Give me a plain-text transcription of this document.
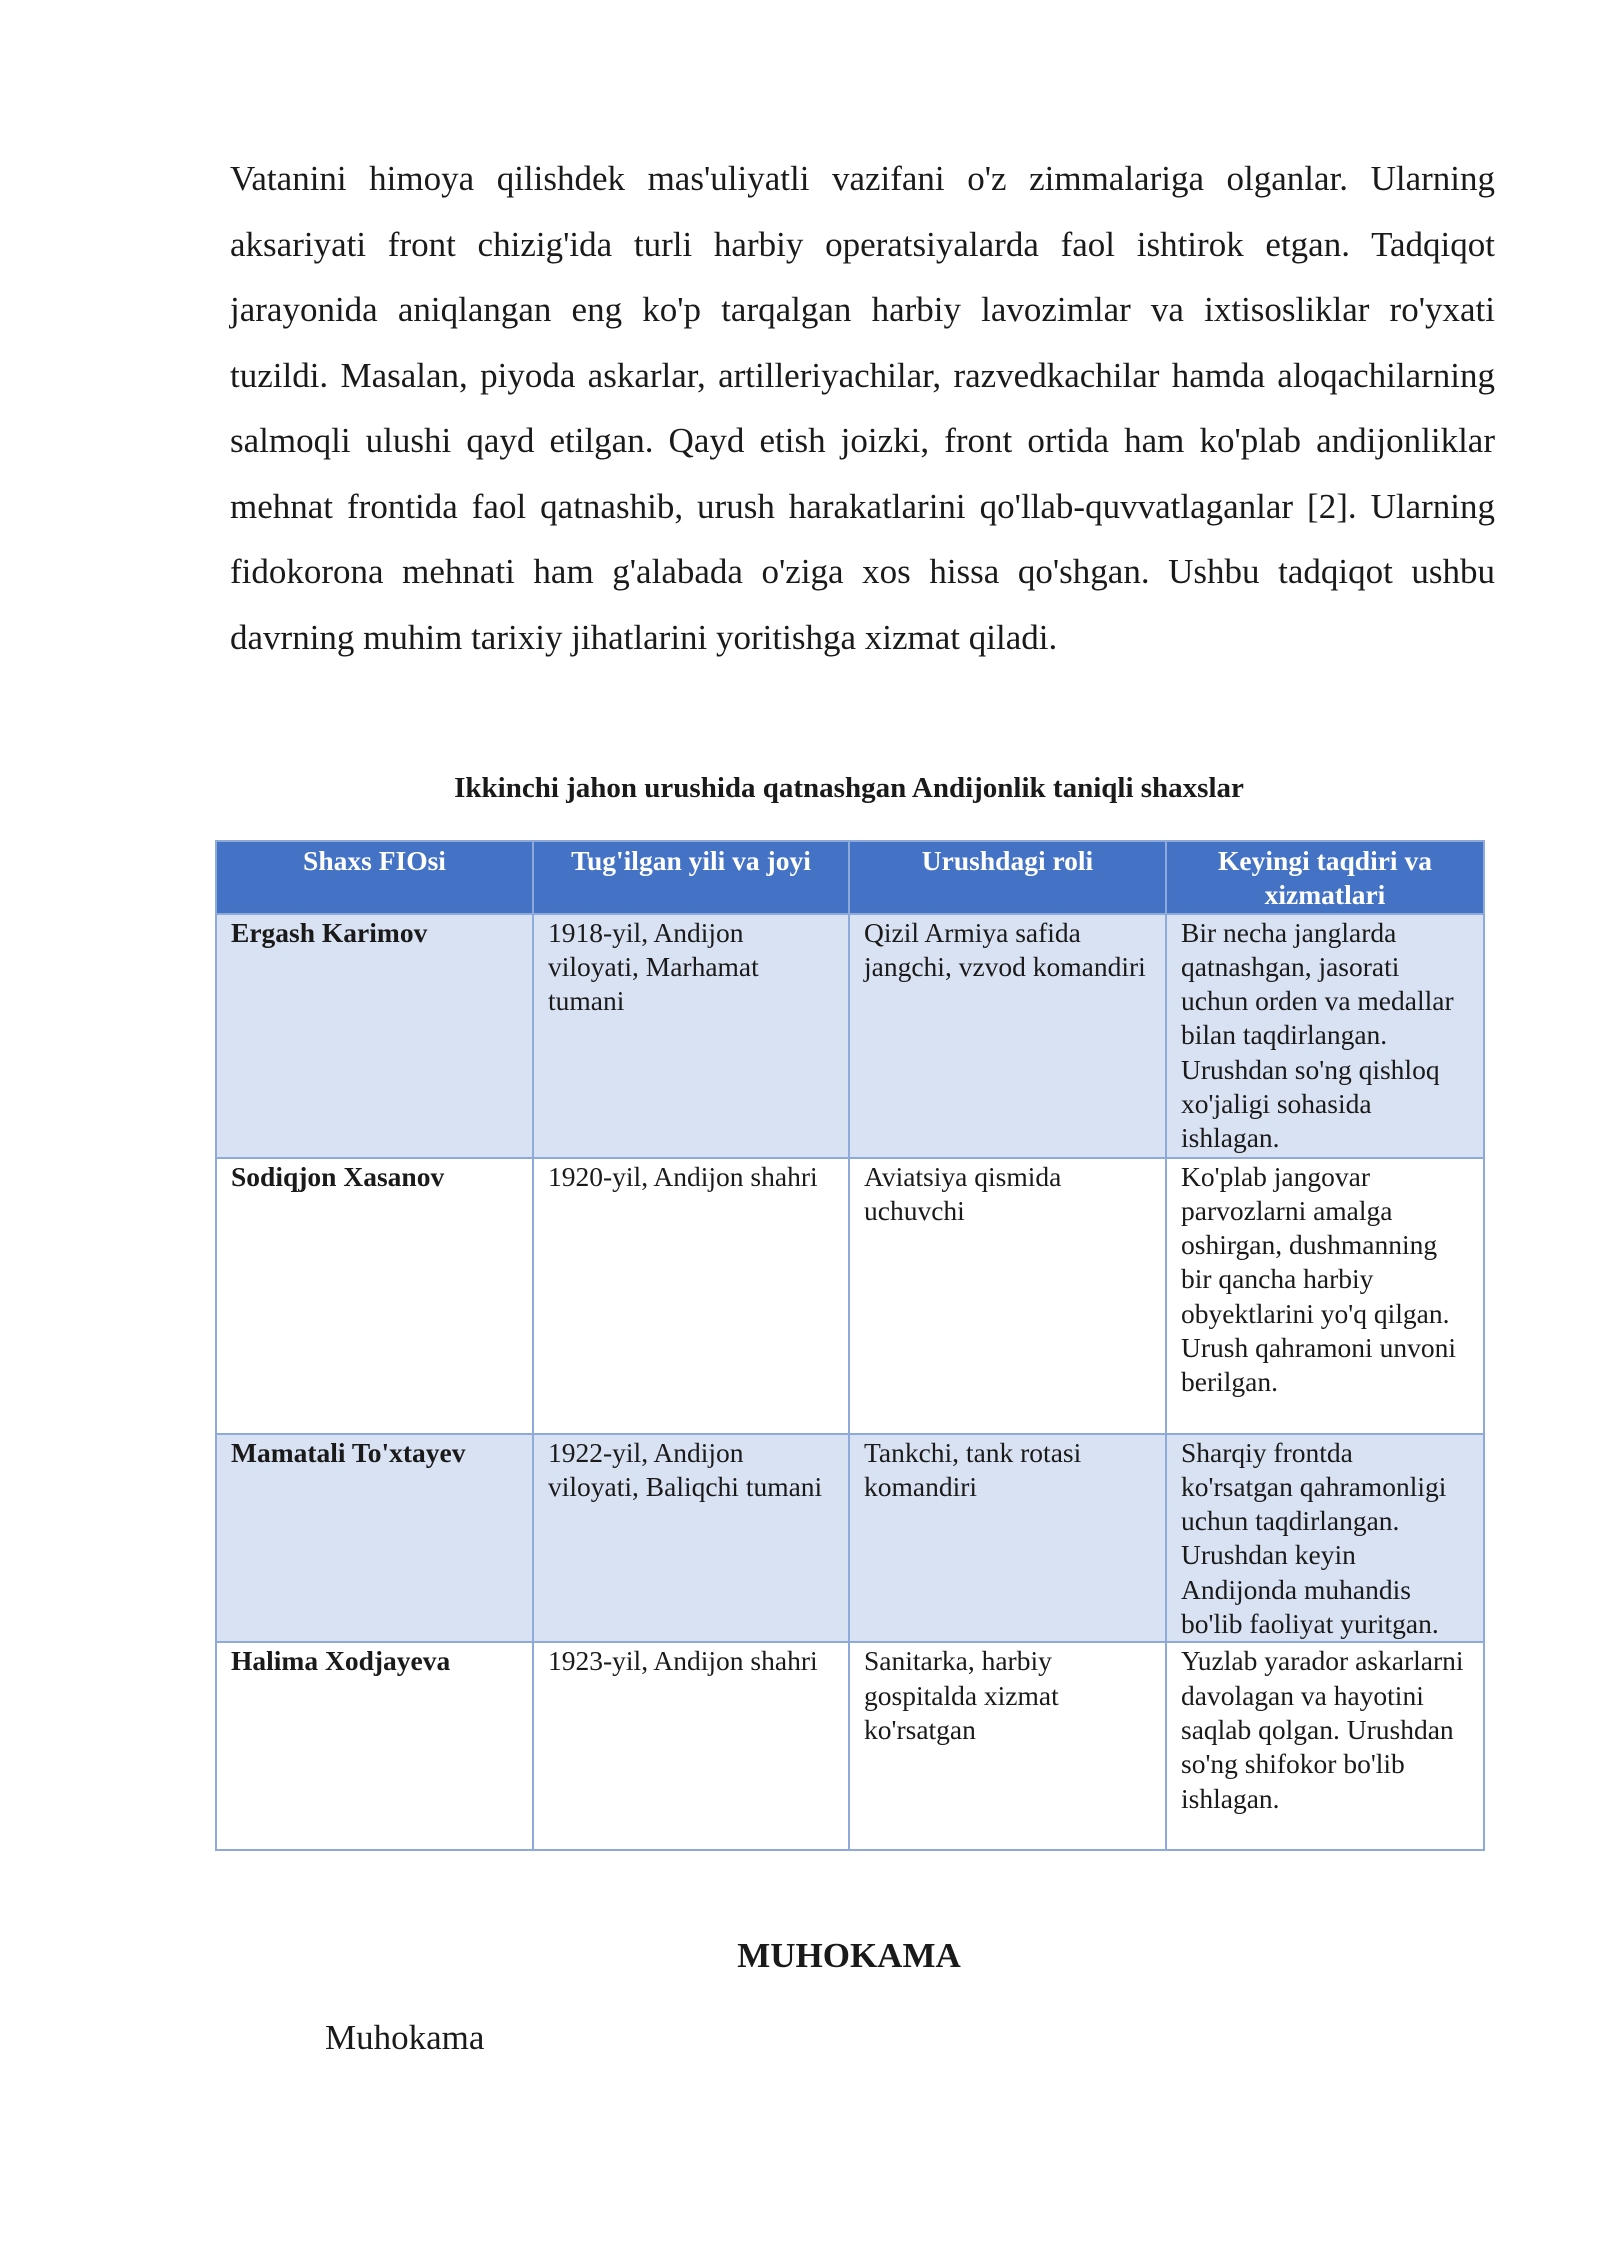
Vatanini himoya qilishdek mas'uliyatli vazifani o'z zimmalariga olganlar. Ularning aksariyati front chizig'ida turli harbiy operatsiyalarda faol ishtirok etgan. Tadqiqot jarayonida aniqlangan eng ko'p tarqalgan harbiy lavozimlar va ixtisosliklar ro'yxati tuzildi. Masalan, piyoda askarlar, artilleriyachilar, razvedkachilar hamda aloqachilarning salmoqli ulushi qayd etilgan. Qayd etish joizki, front ortida ham ko'plab andijonliklar mehnat frontida faol qatnashib, urush harakatlarini qo'llab-quvvatlaganlar [2]. Ularning fidokorona mehnati ham g'alabada o'ziga xos hissa qo'shgan. Ushbu tadqiqot ushbu davrning muhim tarixiy jihatlarini yoritishga xizmat qiladi.

Ikkinchi jahon urushida qatnashgan Andijonlik taniqli shaxslar

Shaxs FIOsi	Tug'ilgan yili va joyi	Urushdagi roli	Keyingi taqdiri va xizmatlari
Ergash Karimov	1918-yil, Andijon viloyati, Marhamat tumani	Qizil Armiya safida jangchi, vzvod komandiri	Bir necha janglarda qatnashgan, jasorati uchun orden va medallar bilan taqdirlangan. Urushdan so'ng qishloq xo'jaligi sohasida ishlagan.
Sodiqjon Xasanov	1920-yil, Andijon shahri	Aviatsiya qismida uchuvchi	Ko'plab jangovar parvozlarni amalga oshirgan, dushmanning bir qancha harbiy obyektlarini yo'q qilgan. Urush qahramoni unvoni berilgan.
Mamatali To'xtayev	1922-yil, Andijon viloyati, Baliqchi tumani	Tankchi, tank rotasi komandiri	Sharqiy frontda ko'rsatgan qahramonligi uchun taqdirlangan. Urushdan keyin Andijonda muhandis bo'lib faoliyat yuritgan.
Halima Xodjayeva	1923-yil, Andijon shahri	Sanitarka, harbiy gospitalda xizmat ko'rsatgan	Yuzlab yarador askarlarni davolagan va hayotini saqlab qolgan. Urushdan so'ng shifokor bo'lib ishlagan.

MUHOKAMA

Muhokama
